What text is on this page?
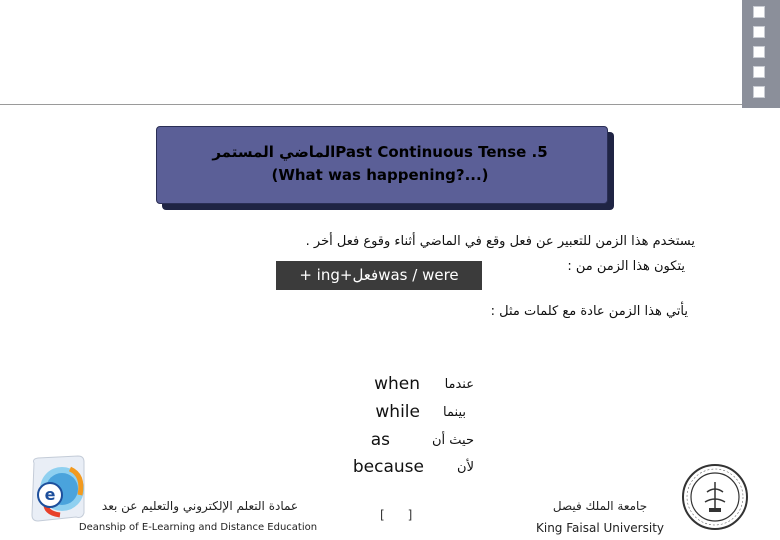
الماضي المستمرPast Continuous Tense .5
(What was happening?...)
يستخدم هذا الزمن للتعبير عن فعل وقع في الماضي أثناء وقوع فعل أخر .
يتكون هذا الزمن من :
+ ing+فعلwas / were
يأتي هذا الزمن عادة مع كلمات مثل :
when	عندما
while	بينما
as	حيث أن
because	لأن
e
عمادة التعلم الإلكتروني والتعليم عن بعد
Deanship of E-Learning and Distance Education
[      ]
جامعة الملك فيصل
King Faisal University
